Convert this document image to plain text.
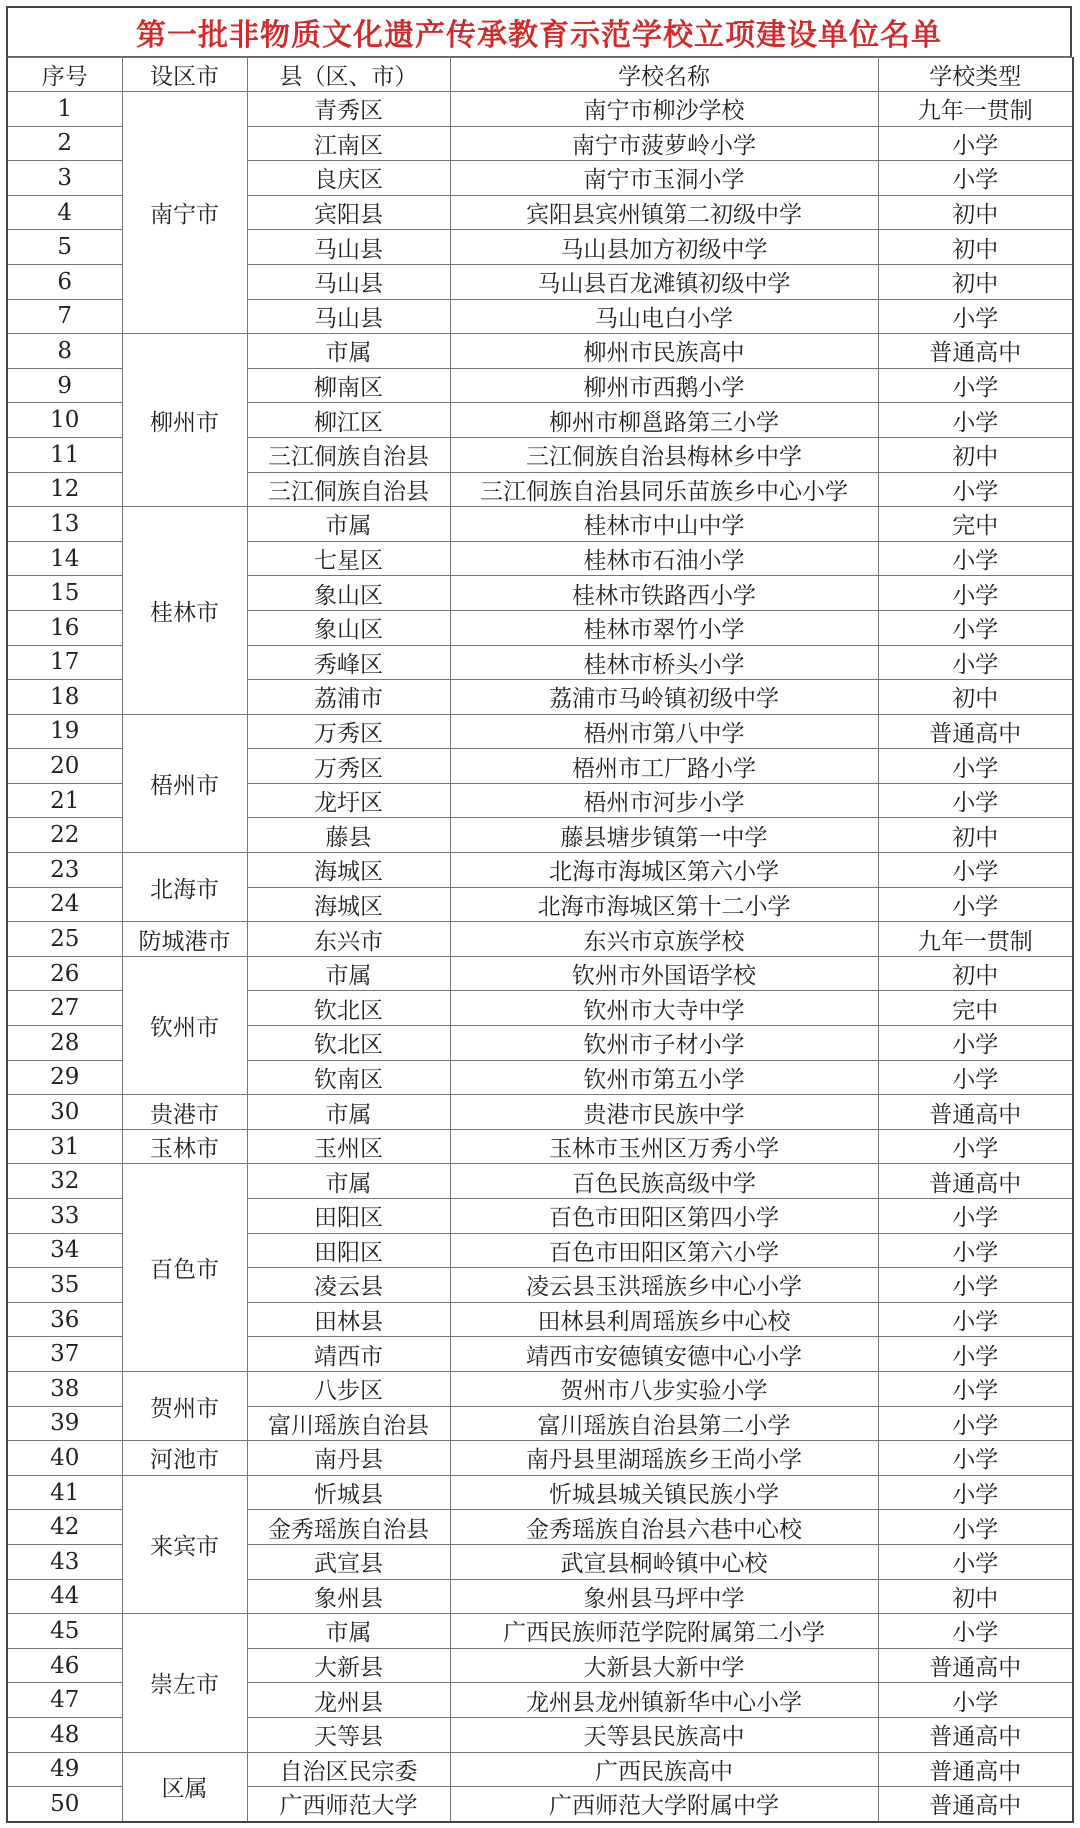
第一批非物质文化遗产传承教育示范学校立项建设单位名单
序号	设区市	县（区、市）	学校名称	学校类型
1	南宁市	青秀区	南宁市柳沙学校	九年一贯制
2		江南区	南宁市菠萝岭小学	小学
3		良庆区	南宁市玉洞小学	小学
4		宾阳县	宾阳县宾州镇第二初级中学	初中
5		马山县	马山县加方初级中学	初中
6		马山县	马山县百龙滩镇初级中学	初中
7		马山县	马山电白小学	小学
8	柳州市	市属	柳州市民族高中	普通高中
9		柳南区	柳州市西鹅小学	小学
10		柳江区	柳州市柳邕路第三小学	小学
11		三江侗族自治县	三江侗族自治县梅林乡中学	初中
12		三江侗族自治县	三江侗族自治县同乐苗族乡中心小学	小学
13	桂林市	市属	桂林市中山中学	完中
14		七星区	桂林市石油小学	小学
15		象山区	桂林市铁路西小学	小学
16		象山区	桂林市翠竹小学	小学
17		秀峰区	桂林市桥头小学	小学
18		荔浦市	荔浦市马岭镇初级中学	初中
19	梧州市	万秀区	梧州市第八中学	普通高中
20		万秀区	梧州市工厂路小学	小学
21		龙圩区	梧州市河步小学	小学
22		藤县	藤县塘步镇第一中学	初中
23	北海市	海城区	北海市海城区第六小学	小学
24		海城区	北海市海城区第十二小学	小学
25	防城港市	东兴市	东兴市京族学校	九年一贯制
26	钦州市	市属	钦州市外国语学校	初中
27		钦北区	钦州市大寺中学	完中
28		钦北区	钦州市子材小学	小学
29		钦南区	钦州市第五小学	小学
30	贵港市	市属	贵港市民族中学	普通高中
31	玉林市	玉州区	玉林市玉州区万秀小学	小学
32	百色市	市属	百色民族高级中学	普通高中
33		田阳区	百色市田阳区第四小学	小学
34		田阳区	百色市田阳区第六小学	小学
35		凌云县	凌云县玉洪瑶族乡中心小学	小学
36		田林县	田林县利周瑶族乡中心校	小学
37		靖西市	靖西市安德镇安德中心小学	小学
38	贺州市	八步区	贺州市八步实验小学	小学
39		富川瑶族自治县	富川瑶族自治县第二小学	小学
40	河池市	南丹县	南丹县里湖瑶族乡王尚小学	小学
41	来宾市	忻城县	忻城县城关镇民族小学	小学
42		金秀瑶族自治县	金秀瑶族自治县六巷中心校	小学
43		武宣县	武宣县桐岭镇中心校	小学
44		象州县	象州县马坪中学	初中
45	崇左市	市属	广西民族师范学院附属第二小学	小学
46		大新县	大新县大新中学	普通高中
47		龙州县	龙州县龙州镇新华中心小学	小学
48		天等县	天等县民族高中	普通高中
49	区属	自治区民宗委	广西民族高中	普通高中
50		广西师范大学	广西师范大学附属中学	普通高中
